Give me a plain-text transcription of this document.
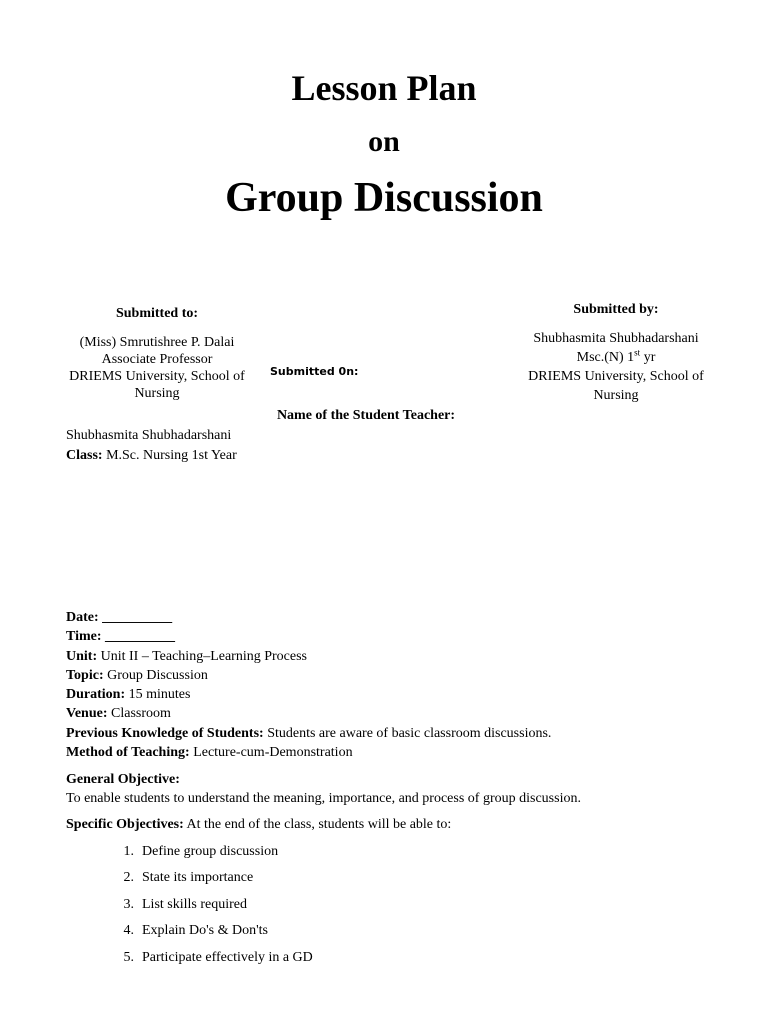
Lesson Plan
on
Group Discussion
Submitted to:
(Miss) Smrutishree P. Dalai
Associate Professor
DRIEMS University, School of
Nursing
Submitted 0n:
Submitted by:
Shubhasmita Shubhadarshani
Msc.(N) 1st yr
DRIEMS University, School of
Nursing
Name of the Student Teacher:
Shubhasmita Shubhadarshani
Class: M.Sc. Nursing 1st Year
Date: __________
Time: __________
Unit: Unit II – Teaching–Learning Process
Topic: Group Discussion
Duration: 15 minutes
Venue: Classroom
Previous Knowledge of Students: Students are aware of basic classroom discussions.
Method of Teaching: Lecture-cum-Demonstration
General Objective:
To enable students to understand the meaning, importance, and process of group discussion.
Specific Objectives: At the end of the class, students will be able to:
1. Define group discussion
2. State its importance
3. List skills required
4. Explain Do's & Don'ts
5. Participate effectively in a GD
